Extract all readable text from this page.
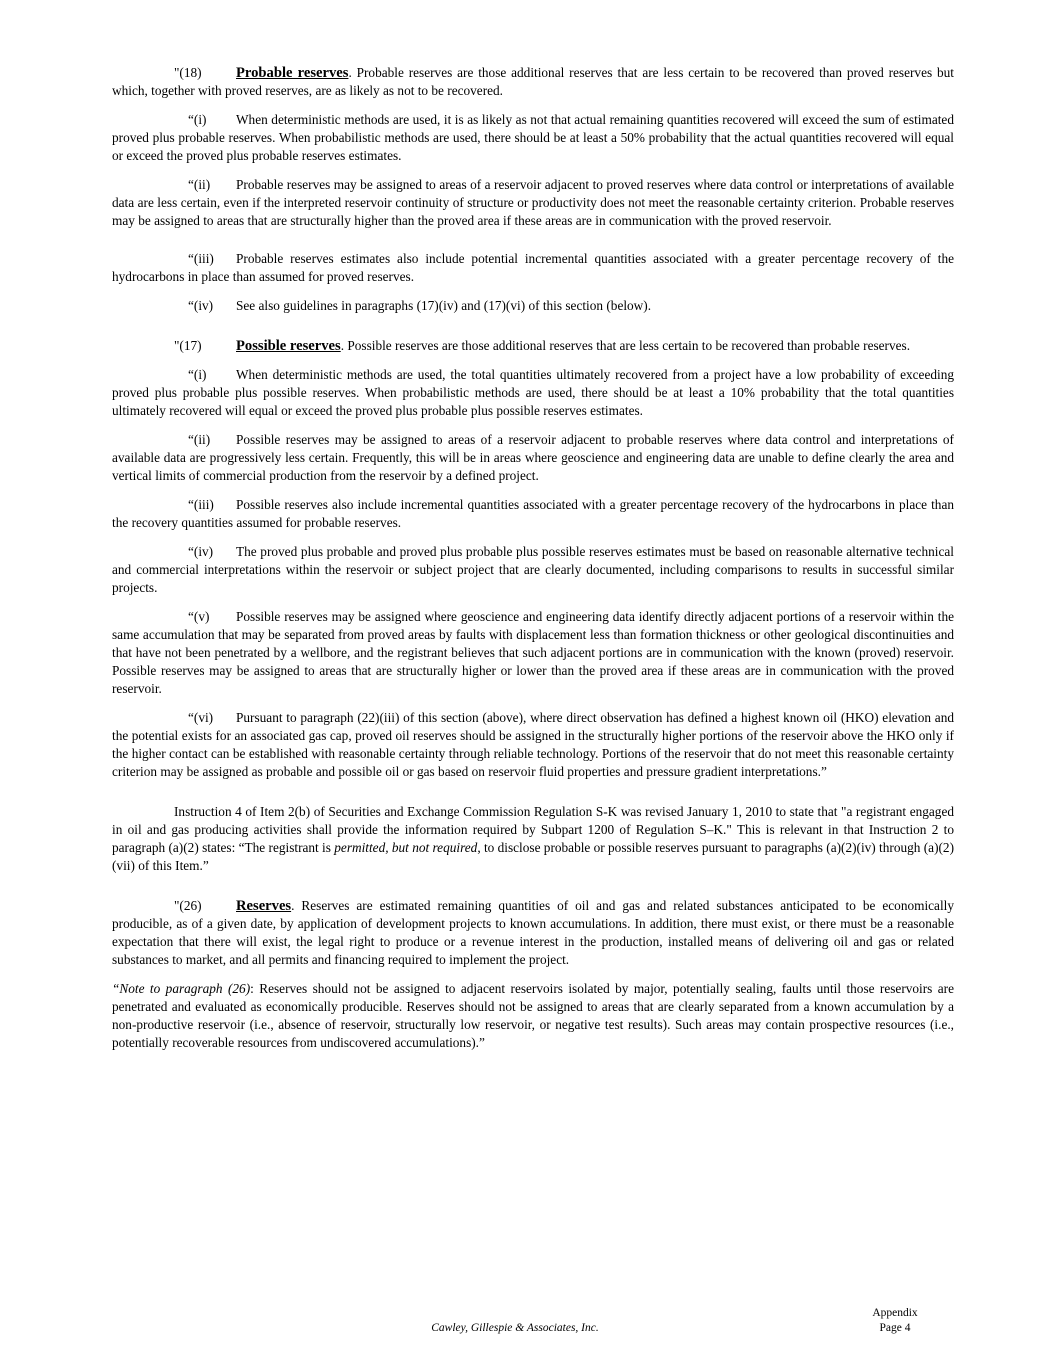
"(18) Probable reserves. Probable reserves are those additional reserves that are less certain to be recovered than proved reserves but which, together with proved reserves, are as likely as not to be recovered.

“(i) When deterministic methods are used, it is as likely as not that actual remaining quantities recovered will exceed the sum of estimated proved plus probable reserves. When probabilistic methods are used, there should be at least a 50% probability that the actual quantities recovered will equal or exceed the proved plus probable reserves estimates.

“(ii) Probable reserves may be assigned to areas of a reservoir adjacent to proved reserves where data control or interpretations of available data are less certain, even if the interpreted reservoir continuity of structure or productivity does not meet the reasonable certainty criterion. Probable reserves may be assigned to areas that are structurally higher than the proved area if these areas are in communication with the proved reservoir.

“(iii) Probable reserves estimates also include potential incremental quantities associated with a greater percentage recovery of the hydrocarbons in place than assumed for proved reserves.

“(iv) See also guidelines in paragraphs (17)(iv) and (17)(vi) of this section (below).

"(17) Possible reserves. Possible reserves are those additional reserves that are less certain to be recovered than probable reserves.

“(i) When deterministic methods are used, the total quantities ultimately recovered from a project have a low probability of exceeding proved plus probable plus possible reserves. When probabilistic methods are used, there should be at least a 10% probability that the total quantities ultimately recovered will equal or exceed the proved plus probable plus possible reserves estimates.

“(ii) Possible reserves may be assigned to areas of a reservoir adjacent to probable reserves where data control and interpretations of available data are progressively less certain. Frequently, this will be in areas where geoscience and engineering data are unable to define clearly the area and vertical limits of commercial production from the reservoir by a defined project.

“(iii) Possible reserves also include incremental quantities associated with a greater percentage recovery of the hydrocarbons in place than the recovery quantities assumed for probable reserves.

“(iv) The proved plus probable and proved plus probable plus possible reserves estimates must be based on reasonable alternative technical and commercial interpretations within the reservoir or subject project that are clearly documented, including comparisons to results in successful similar projects.

“(v) Possible reserves may be assigned where geoscience and engineering data identify directly adjacent portions of a reservoir within the same accumulation that may be separated from proved areas by faults with displacement less than formation thickness or other geological discontinuities and that have not been penetrated by a wellbore, and the registrant believes that such adjacent portions are in communication with the known (proved) reservoir. Possible reserves may be assigned to areas that are structurally higher or lower than the proved area if these areas are in communication with the proved reservoir.

“(vi) Pursuant to paragraph (22)(iii) of this section (above), where direct observation has defined a highest known oil (HKO) elevation and the potential exists for an associated gas cap, proved oil reserves should be assigned in the structurally higher portions of the reservoir above the HKO only if the higher contact can be established with reasonable certainty through reliable technology. Portions of the reservoir that do not meet this reasonable certainty criterion may be assigned as probable and possible oil or gas based on reservoir fluid properties and pressure gradient interpretations.”

Instruction 4 of Item 2(b) of Securities and Exchange Commission Regulation S-K was revised January 1, 2010 to state that "a registrant engaged in oil and gas producing activities shall provide the information required by Subpart 1200 of Regulation S–K." This is relevant in that Instruction 2 to paragraph (a)(2) states: “The registrant is permitted, but not required, to disclose probable or possible reserves pursuant to paragraphs (a)(2)(iv) through (a)(2)(vii) of this Item.”

"(26) Reserves. Reserves are estimated remaining quantities of oil and gas and related substances anticipated to be economically producible, as of a given date, by application of development projects to known accumulations. In addition, there must exist, or there must be a reasonable expectation that there will exist, the legal right to produce or a revenue interest in the production, installed means of delivering oil and gas or related substances to market, and all permits and financing required to implement the project.

“Note to paragraph (26): Reserves should not be assigned to adjacent reservoirs isolated by major, potentially sealing, faults until those reservoirs are penetrated and evaluated as economically producible. Reserves should not be assigned to areas that are clearly separated from a known accumulation by a non-productive reservoir (i.e., absence of reservoir, structurally low reservoir, or negative test results). Such areas may contain prospective resources (i.e., potentially recoverable resources from undiscovered accumulations).”

Cawley, Gillespie & Associates, Inc.
Appendix
Page 4
